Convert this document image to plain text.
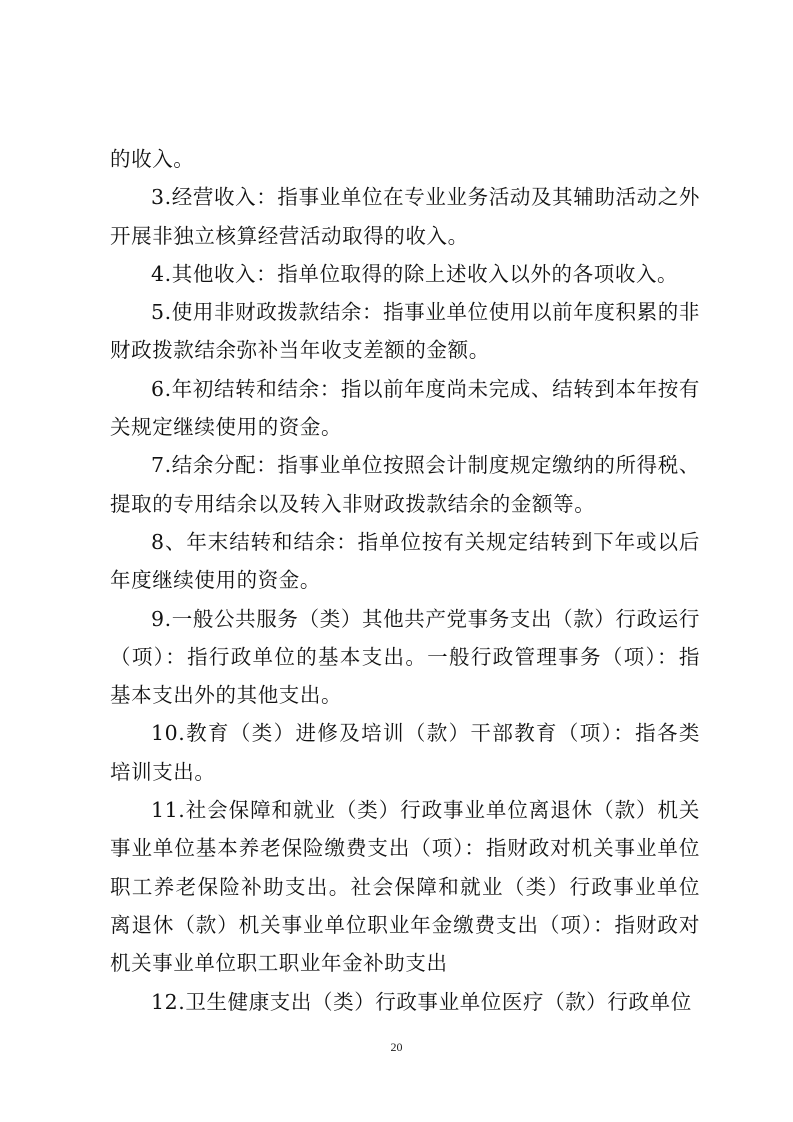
的收入。

3.经营收入：指事业单位在专业业务活动及其辅助活动之外开展非独立核算经营活动取得的收入。

4.其他收入：指单位取得的除上述收入以外的各项收入。

5.使用非财政拨款结余：指事业单位使用以前年度积累的非财政拨款结余弥补当年收支差额的金额。

6.年初结转和结余：指以前年度尚未完成、结转到本年按有关规定继续使用的资金。

7.结余分配：指事业单位按照会计制度规定缴纳的所得税、提取的专用结余以及转入非财政拨款结余的金额等。

8、年末结转和结余：指单位按有关规定结转到下年或以后年度继续使用的资金。

9.一般公共服务（类）其他共产党事务支出（款）行政运行（项）：指行政单位的基本支出。一般行政管理事务（项）：指基本支出外的其他支出。

10.教育（类）进修及培训（款）干部教育（项）：指各类培训支出。

11.社会保障和就业（类）行政事业单位离退休（款）机关事业单位基本养老保险缴费支出（项）：指财政对机关事业单位职工养老保险补助支出。社会保障和就业（类）行政事业单位离退休（款）机关事业单位职业年金缴费支出（项）：指财政对机关事业单位职工职业年金补助支出

12.卫生健康支出（类）行政事业单位医疗（款）行政单位

20
